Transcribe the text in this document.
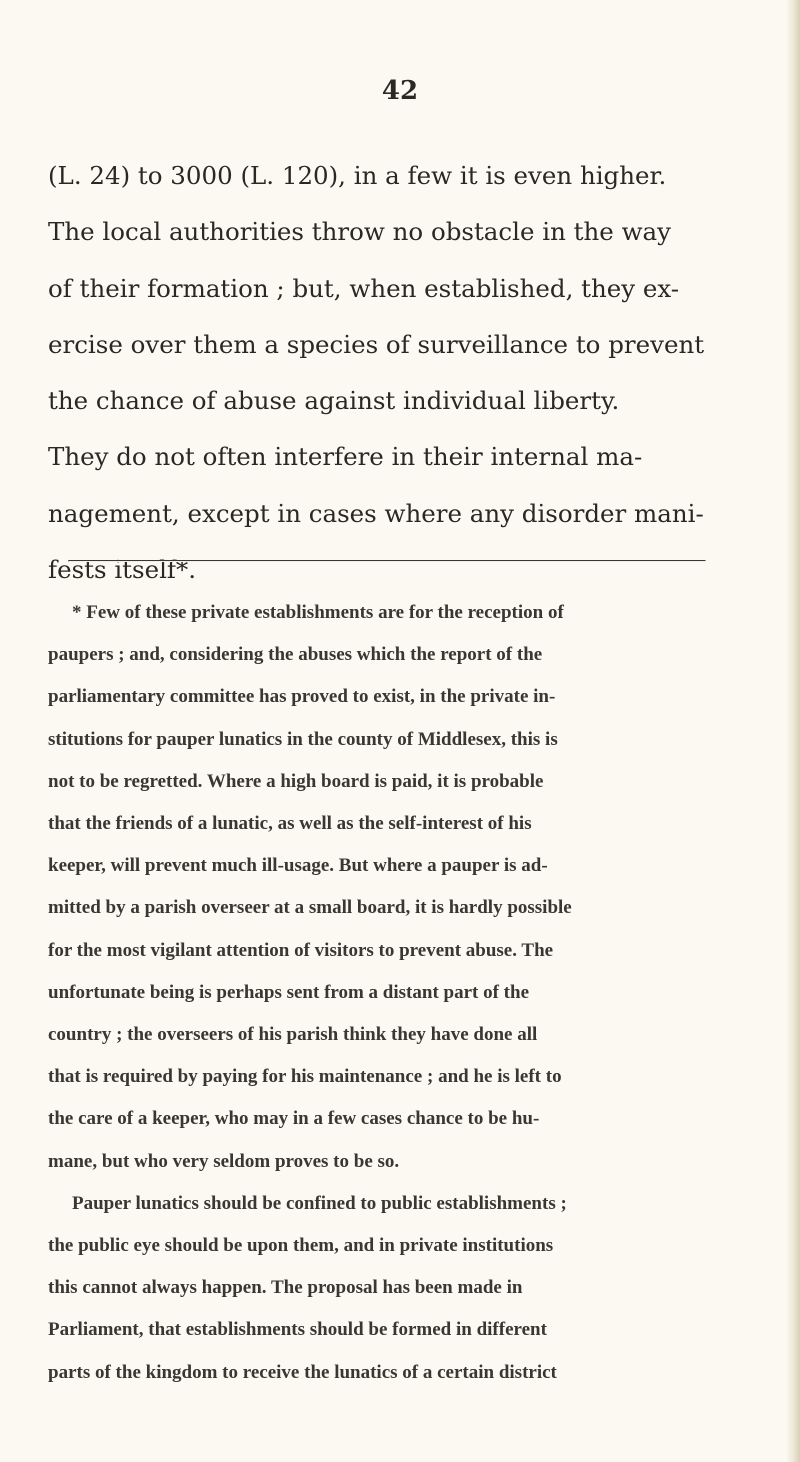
42
(L. 24) to 3000 (L. 120), in a few it is even higher.
The local authorities throw no obstacle in the way
of their formation ; but, when established, they ex-
ercise over them a species of surveillance to prevent
the chance of abuse against individual liberty.
They do not often interfere in their internal ma-
nagement, except in cases where any disorder mani-
fests itself*.
* Few of these private establishments are for the reception of
paupers ; and, considering the abuses which the report of the
parliamentary committee has proved to exist, in the private in-
stitutions for pauper lunatics in the county of Middlesex, this is
not to be regretted. Where a high board is paid, it is probable
that the friends of a lunatic, as well as the self-interest of his
keeper, will prevent much ill-usage. But where a pauper is ad-
mitted by a parish overseer at a small board, it is hardly possible
for the most vigilant attention of visitors to prevent abuse. The
unfortunate being is perhaps sent from a distant part of the
country ; the overseers of his parish think they have done all
that is required by paying for his maintenance ; and he is left to
the care of a keeper, who may in a few cases chance to be hu-
mane, but who very seldom proves to be so.
Pauper lunatics should be confined to public establishments ;
the public eye should be upon them, and in private institutions
this cannot always happen. The proposal has been made in
Parliament, that establishments should be formed in different
parts of the kingdom to receive the lunatics of a certain district
